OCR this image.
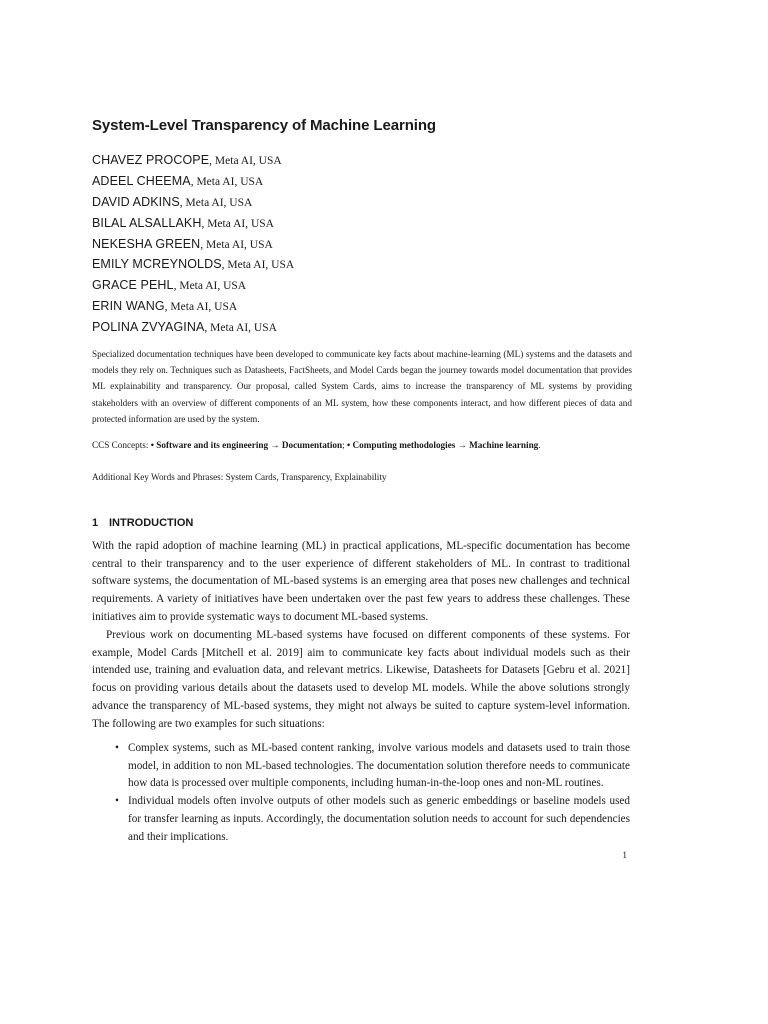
System-Level Transparency of Machine Learning
CHAVEZ PROCOPE, Meta AI, USA
ADEEL CHEEMA, Meta AI, USA
DAVID ADKINS, Meta AI, USA
BILAL ALSALLAKH, Meta AI, USA
NEKESHA GREEN, Meta AI, USA
EMILY MCREYNOLDS, Meta AI, USA
GRACE PEHL, Meta AI, USA
ERIN WANG, Meta AI, USA
POLINA ZVYAGINA, Meta AI, USA

Specialized documentation techniques have been developed to communicate key facts about machine-learning (ML) systems and the datasets and models they rely on. Techniques such as Datasheets, FactSheets, and Model Cards began the journey towards model documentation that provides ML explainability and transparency. Our proposal, called System Cards, aims to increase the transparency of ML systems by providing stakeholders with an overview of different components of an ML system, how these components interact, and how different pieces of data and protected information are used by the system.

CCS Concepts: • Software and its engineering → Documentation; • Computing methodologies → Machine learning.
Additional Key Words and Phrases: System Cards, Transparency, Explainability
1 INTRODUCTION

With the rapid adoption of machine learning (ML) in practical applications, ML-specific documentation has become central to their transparency and to the user experience of different stakeholders of ML. In contrast to traditional software systems, the documentation of ML-based systems is an emerging area that poses new challenges and technical requirements. A variety of initiatives have been undertaken over the past few years to address these challenges. These initiatives aim to provide systematic ways to document ML-based systems.

Previous work on documenting ML-based systems have focused on different components of these systems. For example, Model Cards [Mitchell et al. 2019] aim to communicate key facts about individual models such as their intended use, training and evaluation data, and relevant metrics. Likewise, Datasheets for Datasets [Gebru et al. 2021] focus on providing various details about the datasets used to develop ML models. While the above solutions strongly advance the transparency of ML-based systems, they might not always be suited to capture system-level information. The following are two examples for such situations:

• Complex systems, such as ML-based content ranking, involve various models and datasets used to train those model, in addition to non ML-based technologies. The documentation solution therefore needs to communicate how data is processed over multiple components, including human-in-the-loop ones and non-ML routines.
• Individual models often involve outputs of other models such as generic embeddings or baseline models used for transfer learning as inputs. Accordingly, the documentation solution needs to account for such dependencies and their implications.
1
